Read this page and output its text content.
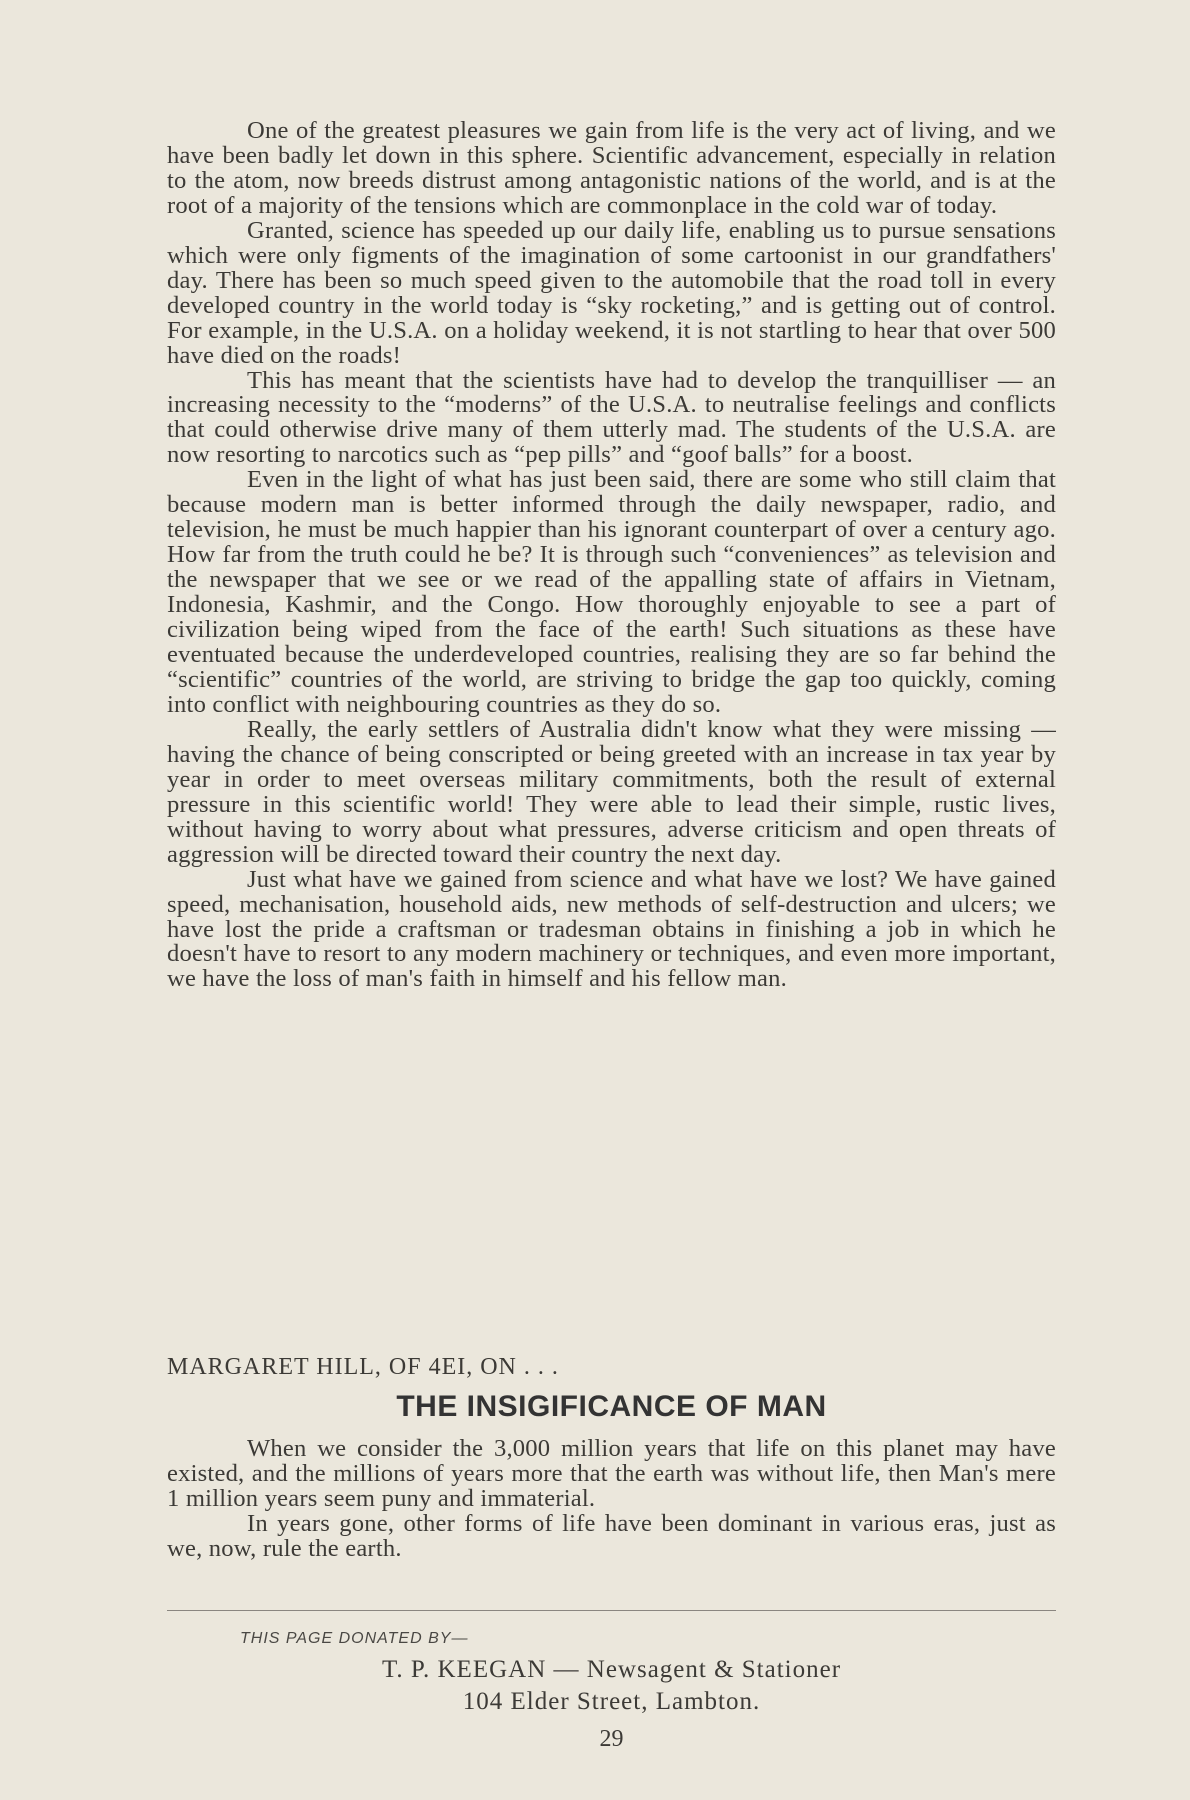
One of the greatest pleasures we gain from life is the very act of living, and we have been badly let down in this sphere. Scientific advancement, especially in relation to the atom, now breeds distrust among antagonistic nations of the world, and is at the root of a majority of the tensions which are commonplace in the cold war of today.

Granted, science has speeded up our daily life, enabling us to pursue sensations which were only figments of the imagination of some cartoonist in our grandfathers' day. There has been so much speed given to the automobile that the road toll in every developed country in the world today is “sky rocketing,” and is getting out of control. For example, in the U.S.A. on a holiday weekend, it is not startling to hear that over 500 have died on the roads!

This has meant that the scientists have had to develop the tranquilliser — an increasing necessity to the “moderns” of the U.S.A. to neutralise feelings and conflicts that could otherwise drive many of them utterly mad. The students of the U.S.A. are now resorting to narcotics such as “pep pills” and “goof balls” for a boost.

Even in the light of what has just been said, there are some who still claim that because modern man is better informed through the daily newspaper, radio, and television, he must be much happier than his ignorant counterpart of over a century ago. How far from the truth could he be? It is through such “conveniences” as television and the newspaper that we see or we read of the appalling state of affairs in Vietnam, Indonesia, Kashmir, and the Congo. How thoroughly enjoyable to see a part of civilization being wiped from the face of the earth! Such situations as these have eventuated because the underdeveloped countries, realising they are so far behind the “scientific” countries of the world, are striving to bridge the gap too quickly, coming into conflict with neighbouring countries as they do so.

Really, the early settlers of Australia didn't know what they were missing — having the chance of being conscripted or being greeted with an increase in tax year by year in order to meet overseas military commitments, both the result of external pressure in this scientific world! They were able to lead their simple, rustic lives, without having to worry about what pressures, adverse criticism and open threats of aggression will be directed toward their country the next day.

Just what have we gained from science and what have we lost? We have gained speed, mechanisation, household aids, new methods of self-destruction and ulcers; we have lost the pride a craftsman or tradesman obtains in finishing a job in which he doesn't have to resort to any modern machinery or techniques, and even more important, we have the loss of man's faith in himself and his fellow man.

MARGARET HILL, OF 4EI, ON . . .
THE INSIGIFICANCE OF MAN

When we consider the 3,000 million years that life on this planet may have existed, and the millions of years more that the earth was without life, then Man's mere 1 million years seem puny and immaterial.

In years gone, other forms of life have been dominant in various eras, just as we, now, rule the earth.

THIS PAGE DONATED BY—
T. P. KEEGAN — Newsagent & Stationer
104 Elder Street, Lambton.
29
